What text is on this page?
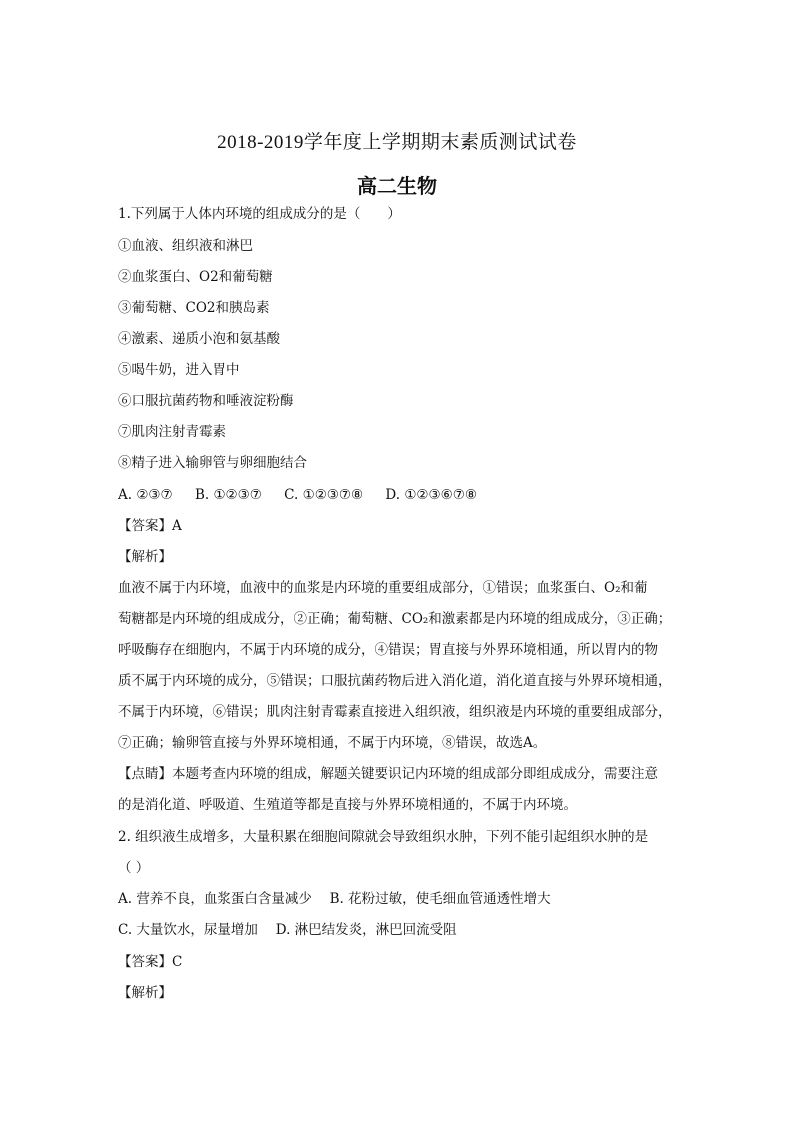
2018-2019学年度上学期期末素质测试试卷
高二生物
1.下列属于人体内环境的组成成分的是（　　）
①血液、组织液和淋巴
②血浆蛋白、O2和葡萄糖
③葡萄糖、CO2和胰岛素
④激素、递质小泡和氨基酸
⑤喝牛奶，进入胃中
⑥口服抗菌药物和唾液淀粉酶
⑦肌肉注射青霉素
⑧精子进入输卵管与卵细胞结合
A. ②③⑦ B. ①②③⑦ C. ①②③⑦⑧ D. ①②③⑥⑦⑧
【答案】A
【解析】
血液不属于内环境，血液中的血浆是内环境的重要组成部分，①错误；血浆蛋白、O₂和葡
萄糖都是内环境的组成成分，②正确；葡萄糖、CO₂和激素都是内环境的组成成分，③正确；
呼吸酶存在细胞内，不属于内环境的成分，④错误；胃直接与外界环境相通，所以胃内的物
质不属于内环境的成分，⑤错误；口服抗菌药物后进入消化道，消化道直接与外界环境相通，
不属于内环境，⑥错误；肌肉注射青霉素直接进入组织液，组织液是内环境的重要组成部分，
⑦正确；输卵管直接与外界环境相通，不属于内环境，⑧错误，故选A。
【点睛】本题考查内环境的组成，解题关键要识记内环境的组成部分即组成成分，需要注意
的是消化道、呼吸道、生殖道等都是直接与外界环境相通的，不属于内环境。
2. 组织液生成增多，大量积累在细胞间隙就会导致组织水肿，下列不能引起组织水肿的是
（ ）
A. 营养不良，血浆蛋白含量减少　 B. 花粉过敏，使毛细血管通透性增大
C. 大量饮水，尿量增加　 D. 淋巴结发炎，淋巴回流受阻
【答案】C
【解析】
